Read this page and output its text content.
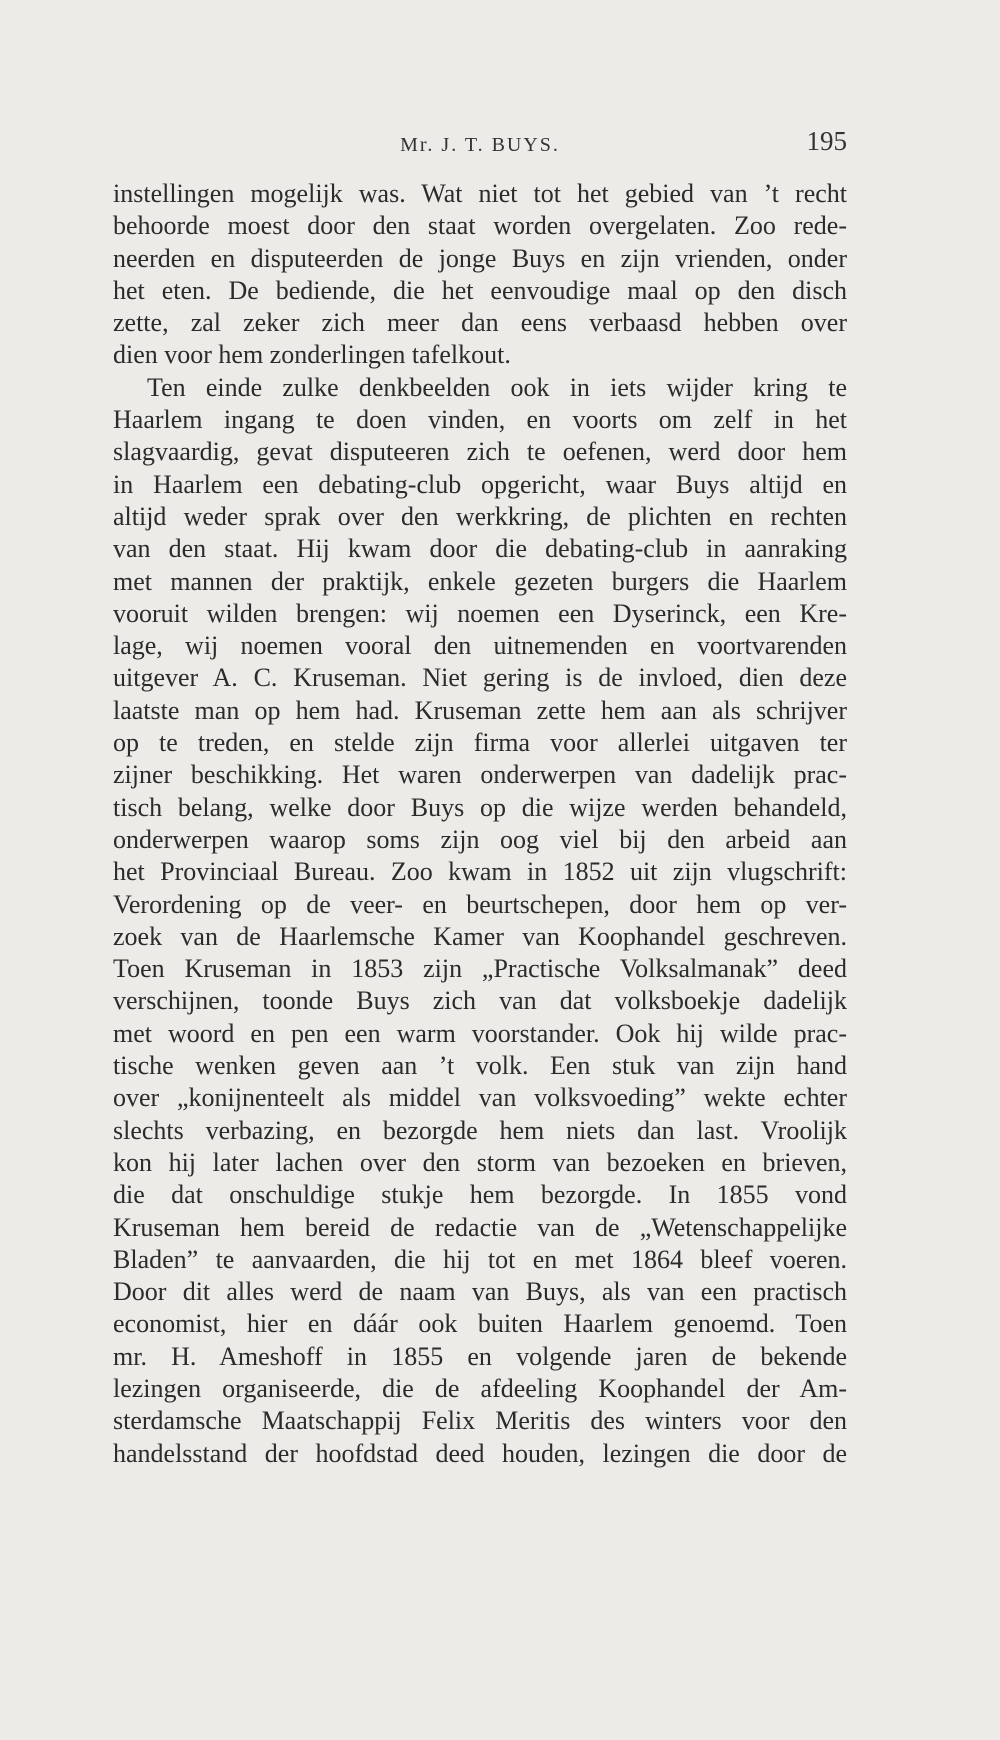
Mr. J. T. BUYS.	195
instellingen mogelijk was. Wat niet tot het gebied van ’t recht
behoorde moest door den staat worden overgelaten. Zoo rede-
neerden en disputeerden de jonge Buys en zijn vrienden, onder
het eten. De bediende, die het eenvoudige maal op den disch
zette, zal zeker zich meer dan eens verbaasd hebben over
dien voor hem zonderlingen tafelkout.
Ten einde zulke denkbeelden ook in iets wijder kring te
Haarlem ingang te doen vinden, en voorts om zelf in het
slagvaardig, gevat disputeeren zich te oefenen, werd door hem
in Haarlem een debating-club opgericht, waar Buys altijd en
altijd weder sprak over den werkkring, de plichten en rechten
van den staat. Hij kwam door die debating-club in aanraking
met mannen der praktijk, enkele gezeten burgers die Haarlem
vooruit wilden brengen: wij noemen een Dyserinck, een Kre-
lage, wij noemen vooral den uitnemenden en voortvarenden
uitgever A. C. Kruseman. Niet gering is de invloed, dien deze
laatste man op hem had. Kruseman zette hem aan als schrijver
op te treden, en stelde zijn firma voor allerlei uitgaven ter
zijner beschikking. Het waren onderwerpen van dadelijk prac-
tisch belang, welke door Buys op die wijze werden behandeld,
onderwerpen waarop soms zijn oog viel bij den arbeid aan
het Provinciaal Bureau. Zoo kwam in 1852 uit zijn vlugschrift:
Verordening op de veer- en beurtschepen, door hem op ver-
zoek van de Haarlemsche Kamer van Koophandel geschreven.
Toen Kruseman in 1853 zijn „Practische Volksalmanak” deed
verschijnen, toonde Buys zich van dat volksboekje dadelijk
met woord en pen een warm voorstander. Ook hij wilde prac-
tische wenken geven aan ’t volk. Een stuk van zijn hand
over „konijnenteelt als middel van volksvoeding” wekte echter
slechts verbazing, en bezorgde hem niets dan last. Vroolijk
kon hij later lachen over den storm van bezoeken en brieven,
die dat onschuldige stukje hem bezorgde. In 1855 vond
Kruseman hem bereid de redactie van de „Wetenschappelijke
Bladen” te aanvaarden, die hij tot en met 1864 bleef voeren.
Door dit alles werd de naam van Buys, als van een practisch
economist, hier en dáár ook buiten Haarlem genoemd. Toen
mr. H. Ameshoff in 1855 en volgende jaren de bekende
lezingen organiseerde, die de afdeeling Koophandel der Am-
sterdamsche Maatschappij Felix Meritis des winters voor den
handelsstand der hoofdstad deed houden, lezingen die door de
